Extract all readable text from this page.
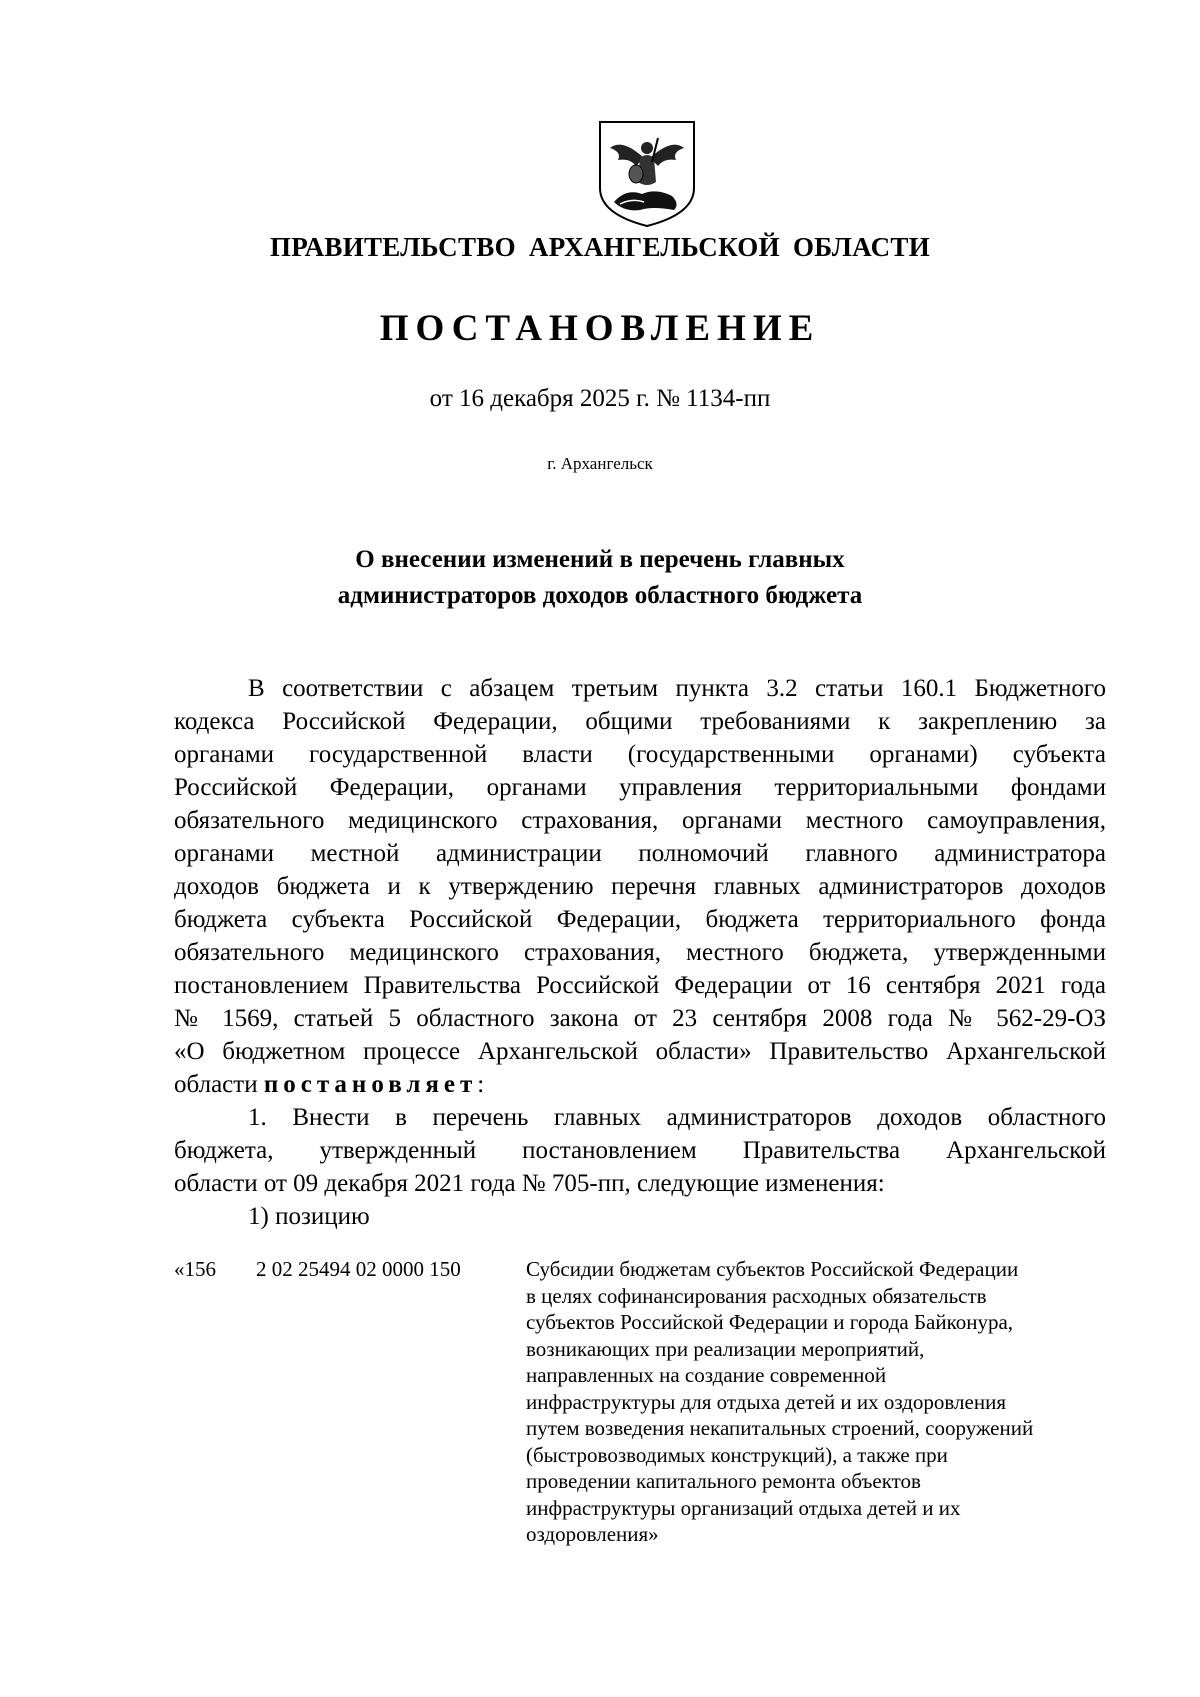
ПРАВИТЕЛЬСТВО АРХАНГЕЛЬСКОЙ ОБЛАСТИ
ПОСТАНОВЛЕНИЕ
от 16 декабря 2025 г. № 1134-пп
г. Архангельск
О внесении изменений в перечень главных
администраторов доходов областного бюджета

В соответствии с абзацем третьим пункта 3.2 статьи 160.1 Бюджетного
кодекса Российской Федерации, общими требованиями к закреплению за
органами государственной власти (государственными органами) субъекта
Российской Федерации, органами управления территориальными фондами
обязательного медицинского страхования, органами местного самоуправления,
органами местной администрации полномочий главного администратора
доходов бюджета и к утверждению перечня главных администраторов доходов
бюджета субъекта Российской Федерации, бюджета территориального фонда
обязательного медицинского страхования, местного бюджета, утвержденными
постановлением Правительства Российской Федерации от 16 сентября 2021 года
№ 1569, статьей 5 областного закона от 23 сентября 2008 года № 562-29-ОЗ
«О бюджетном процессе Архангельской области» Правительство Архангельской
области постановляет:

1. Внести в перечень главных администраторов доходов областного
бюджета, утвержденный постановлением Правительства Архангельской
области от 09 декабря 2021 года № 705-пп, следующие изменения:

1) позицию

«156 2 02 25494 02 0000 150	Субсидии бюджетам субъектов Российской Федерации
в целях софинансирования расходных обязательств
субъектов Российской Федерации и города Байконура,
возникающих при реализации мероприятий,
направленных на создание современной
инфраструктуры для отдыха детей и их оздоровления
путем возведения некапитальных строений, сооружений
(быстровозводимых конструкций), а также при
проведении капитального ремонта объектов
инфраструктуры организаций отдыха детей и их
оздоровления»
